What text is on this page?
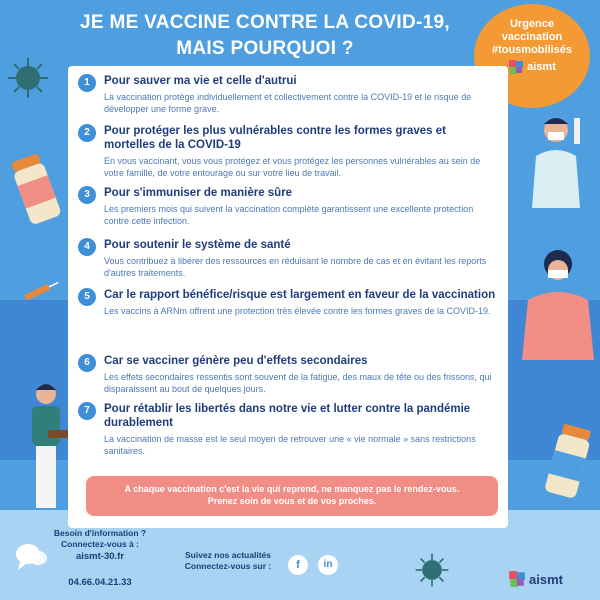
JE ME VACCINE CONTRE LA COVID-19, MAIS POURQUOI ?
Urgence
vaccination
#tousmobilisés
aismt
1	Pour sauver ma vie et celle d'autrui
La vaccination protège individuellement et collectivement contre la COVID-19 et le risque de développer une forme grave.
2	Pour protéger les plus vulnérables contre les formes graves et mortelles de la COVID-19
En vous vaccinant, vous vous protégez et vous protégez les personnes vulnérables au sein de votre famille, de votre entourage ou sur votre lieu de travail.
3	Pour s'immuniser de manière sûre
Les premiers mois qui suivent la vaccination complète garantissent une excellente protection contre cette infection.
4	Pour soutenir le système de santé
Vous contribuez à libérer des ressources en réduisant le nombre de cas et en évitant les reports d'autres traitements.
5	Car le rapport bénéfice/risque est largement en faveur de la vaccination
Les vaccins à ARNm offrent une protection très élevée contre les formes graves de la COVID-19.
6	Car se vacciner génère peu d'effets secondaires
Les effets secondaires ressentis sont souvent de la fatigue, des maux de tête ou des frissons, qui disparaissent au bout de quelques jours.
7	Pour rétablir les libertés dans notre vie et lutter contre la pandémie durablement
La vaccination de masse est le seul moyen de retrouver une « vie normale » sans restrictions sanitaires.
A chaque vaccination c'est la vie qui reprend, ne manquez pas le rendez-vous.
Prenez soin de vous et de vos proches.
Besoin d'information ?
Connectez-vous à :
aismt-30.fr
04.66.04.21.33
Suivez nos actualités
Connectez-vous sur :	f	in
aismt
